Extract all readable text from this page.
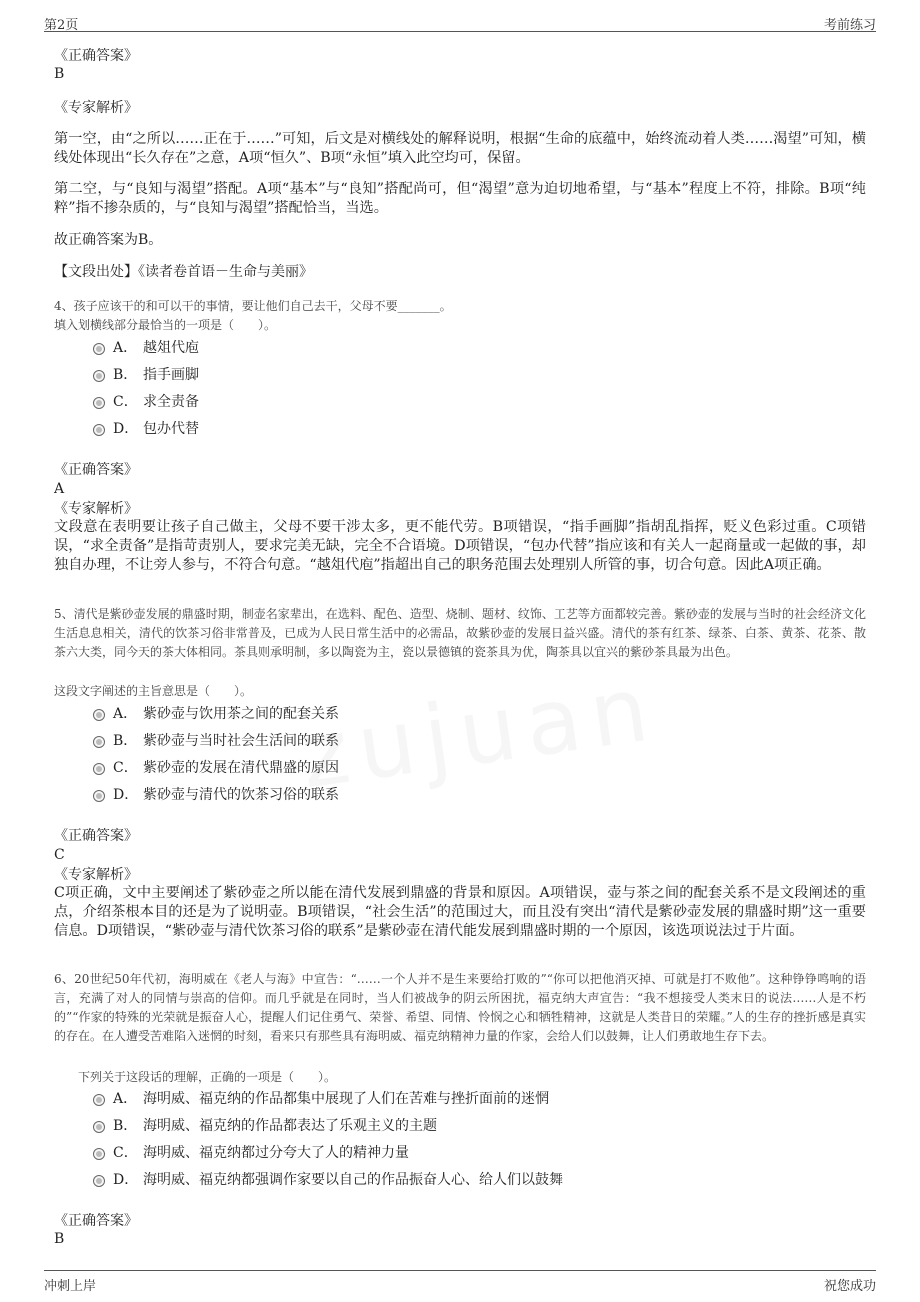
zujuan
第2页	考前练习
《正确答案》
B
《专家解析》
第一空，由“之所以……正在于……”可知，后文是对横线处的解释说明，根据“生命的底蕴中，始终流动着人类……渴望”可知，横线处体现出“长久存在”之意，A项“恒久”、B项“永恒”填入此空均可，保留。
第二空，与“良知与渴望”搭配。A项“基本”与“良知”搭配尚可，但“渴望”意为迫切地希望，与“基本”程度上不符，排除。B项“纯粹”指不掺杂质的，与“良知与渴望”搭配恰当，当选。
故正确答案为B。
【文段出处】《读者卷首语－生命与美丽》
4、孩子应该干的和可以干的事情，要让他们自己去干，父母不要_______。
填入划横线部分最恰当的一项是（　　）。
A． 越俎代庖
B． 指手画脚
C． 求全责备
D． 包办代替
《正确答案》
A
《专家解析》
文段意在表明要让孩子自己做主，父母不要干涉太多，更不能代劳。B项错误，“指手画脚”指胡乱指挥，贬义色彩过重。C项错误，“求全责备”是指苛责别人，要求完美无缺，完全不合语境。D项错误，“包办代替”指应该和有关人一起商量或一起做的事，却独自办理，不让旁人参与，不符合句意。“越俎代庖”指超出自己的职务范围去处理别人所管的事，切合句意。因此A项正确。
5、清代是紫砂壶发展的鼎盛时期，制壶名家辈出，在选料、配色、造型、烧制、题材、纹饰、工艺等方面都较完善。紫砂壶的发展与当时的社会经济文化生活息息相关，清代的饮茶习俗非常普及，已成为人民日常生活中的必需品，故紫砂壶的发展日益兴盛。清代的茶有红茶、绿茶、白茶、黄茶、花茶、散茶六大类，同今天的茶大体相同。茶具则承明制，多以陶瓷为主，瓷以景德镇的瓷茶具为优，陶茶具以宜兴的紫砂茶具最为出色。
这段文字阐述的主旨意思是（　　）。
A． 紫砂壶与饮用茶之间的配套关系
B． 紫砂壶与当时社会生活间的联系
C． 紫砂壶的发展在清代鼎盛的原因
D． 紫砂壶与清代的饮茶习俗的联系
《正确答案》
C
《专家解析》
C项正确，文中主要阐述了紫砂壶之所以能在清代发展到鼎盛的背景和原因。A项错误，壶与茶之间的配套关系不是文段阐述的重点，介绍茶根本目的还是为了说明壶。B项错误，“社会生活”的范围过大，而且没有突出“清代是紫砂壶发展的鼎盛时期”这一重要信息。D项错误，“紫砂壶与清代饮茶习俗的联系”是紫砂壶在清代能发展到鼎盛时期的一个原因，该选项说法过于片面。
6、20世纪50年代初，海明威在《老人与海》中宣告：“……一个人并不是生来要给打败的”“你可以把他消灭掉、可就是打不败他”。这种铮铮鸣响的语言，充满了对人的同情与崇高的信仰。而几乎就是在同时，当人们被战争的阴云所困扰，福克纳大声宣告：“我不想接受人类末日的说法……人是不朽的”“作家的特殊的光荣就是振奋人心，提醒人们记住勇气、荣誉、希望、同情、怜悯之心和牺牲精神，这就是人类昔日的荣耀。”人的生存的挫折感是真实的存在。在人遭受苦难陷入迷惘的时刻，看来只有那些具有海明威、福克纳精神力量的作家，会给人们以鼓舞，让人们勇敢地生存下去。
下列关于这段话的理解，正确的一项是（　　）。
A． 海明威、福克纳的作品都集中展现了人们在苦难与挫折面前的迷惘
B． 海明威、福克纳的作品都表达了乐观主义的主题
C． 海明威、福克纳都过分夸大了人的精神力量
D． 海明威、福克纳都强调作家要以自己的作品振奋人心、给人们以鼓舞
《正确答案》
B
冲刺上岸	祝您成功
